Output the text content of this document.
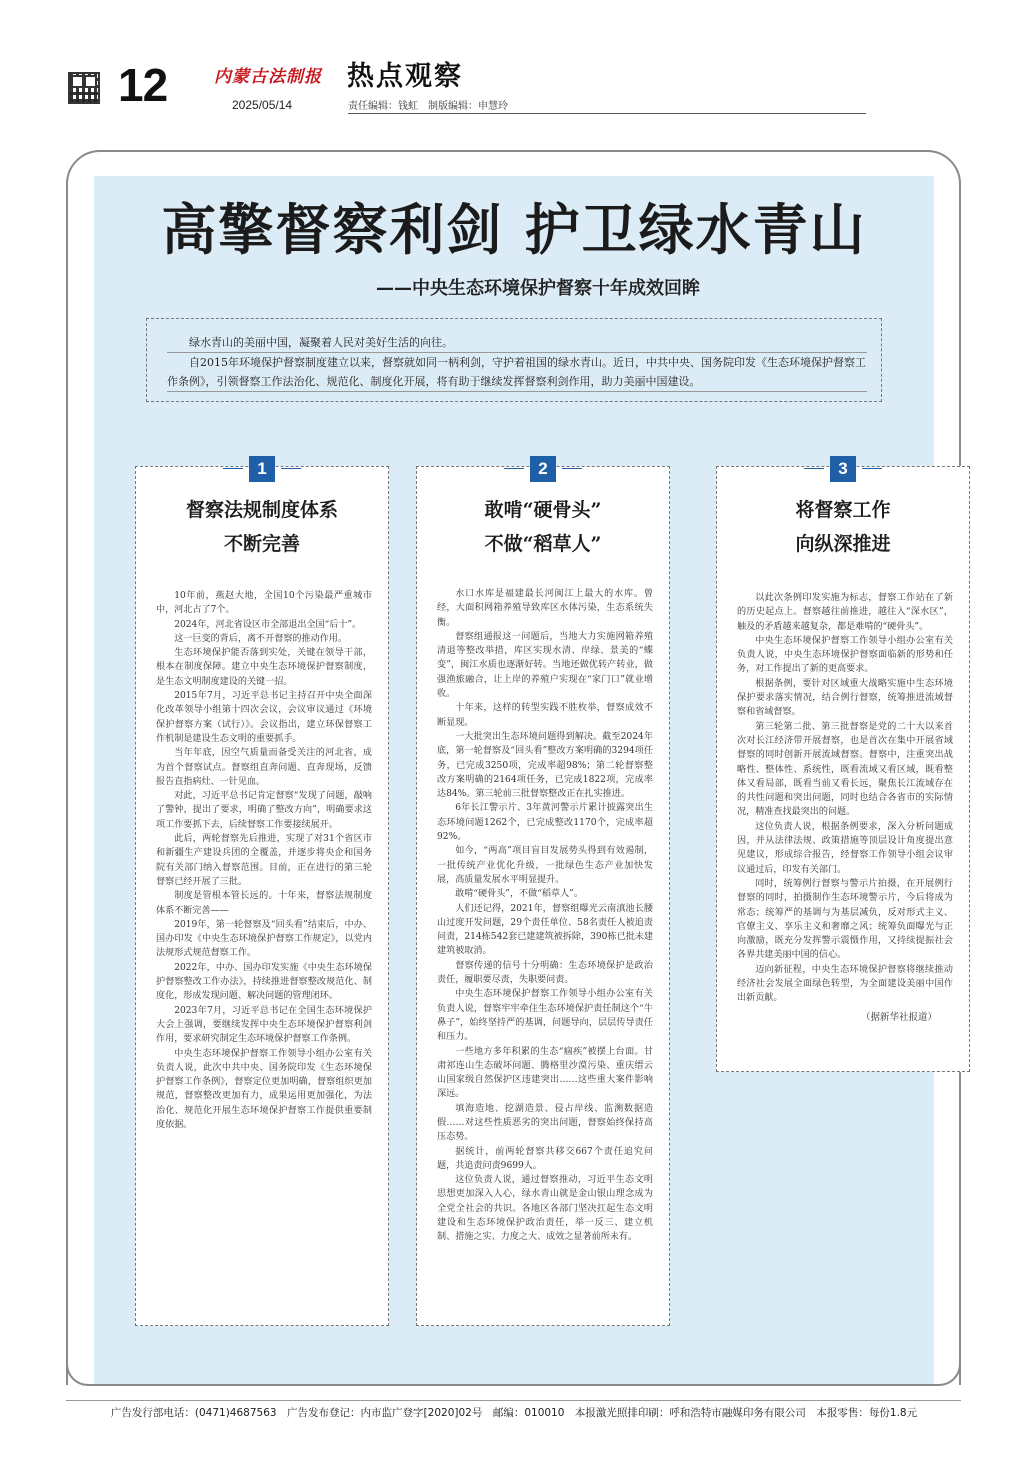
12	内蒙古法制报
2025/05/14
热点观察
责任编辑：钱虹　制版编辑：申慧玲
高擎督察利剑 护卫绿水青山
——中央生态环境保护督察十年成效回眸

绿水青山的美丽中国，凝聚着人民对美好生活的向往。

自2015年环境保护督察制度建立以来，督察就如同一柄利剑，守护着祖国的绿水青山。近日，中共中央、国务院印发《生态环境保护督察工作条例》，引领督察工作法治化、规范化、制度化开展，将有助于继续发挥督察利剑作用，助力美丽中国建设。

1
督察法规制度体系
不断完善

10年前，燕赵大地，全国10个污染最严重城市中，河北占了7个。

2024年，河北省设区市全部退出全国“后十”。

这一巨变的背后，离不开督察的推动作用。

生态环境保护能否落到实处，关键在领导干部，根本在制度保障。建立中央生态环境保护督察制度，是生态文明制度建设的关键一招。

2015年7月，习近平总书记主持召开中央全面深化改革领导小组第十四次会议，会议审议通过《环境保护督察方案（试行）》。会议指出，建立环保督察工作机制是建设生态文明的重要抓手。

当年年底，因空气质量而备受关注的河北省，成为首个督察试点。督察组直奔问题、直奔现场，反馈报告直指病灶、一针见血。

对此，习近平总书记肯定督察“发现了问题，敲响了警钟，提出了要求，明确了整改方向”，明确要求这项工作要抓下去，后续督察工作要接续展开。

此后，两轮督察先后推进，实现了对31个省区市和新疆生产建设兵团的全覆盖，并逐步将央企和国务院有关部门纳入督察范围。目前，正在进行的第三轮督察已经开展了三批。

制度是管根本管长远的。十年来，督察法规制度体系不断完善——

2019年，第一轮督察及“回头看”结束后，中办、国办印发《中央生态环境保护督察工作规定》，以党内法规形式规范督察工作。

2022年，中办、国办印发实施《中央生态环境保护督察整改工作办法》，持续推进督察整改规范化、制度化，形成发现问题、解决问题的管理闭环。

2023年7月，习近平总书记在全国生态环境保护大会上强调，要继续发挥中央生态环境保护督察利剑作用，要求研究制定生态环境保护督察工作条例。

中央生态环境保护督察工作领导小组办公室有关负责人说，此次中共中央、国务院印发《生态环境保护督察工作条例》，督察定位更加明确，督察组织更加规范，督察整改更加有力，成果运用更加强化，为法治化、规范化开展生态环境保护督察工作提供重要制度依据。

2
敢啃“硬骨头”
不做“稻草人”

水口水库是福建最长河闽江上最大的水库。曾经，大面积网箱养殖导致库区水体污染，生态系统失衡。

督察组通报这一问题后，当地大力实施网箱养殖清退等整改举措，库区实现水清、岸绿、景美的“蝶变”，闽江水质也逐渐好转。当地还做优转产转业，做强渔旅融合，让上岸的养殖户实现在“家门口”就业增收。

十年来，这样的转型实践不胜枚举，督察成效不断显现。

一大批突出生态环境问题得到解决。截至2024年底，第一轮督察及“回头看”整改方案明确的3294项任务，已完成3250项，完成率超98%；第二轮督察整改方案明确的2164项任务，已完成1822项，完成率达84%。第三轮前三批督察整改正在扎实推进。

6年长江警示片、3年黄河警示片累计披露突出生态环境问题1262个，已完成整改1170个，完成率超92%。

如今，“两高”项目盲目发展势头得到有效遏制，一批传统产业优化升级，一批绿色生态产业加快发展，高质量发展水平明显提升。

敢啃“硬骨头”，不做“稻草人”。

人们还记得，2021年，督察组曝光云南滇池长腰山过度开发问题，29个责任单位、58名责任人被追责问责，214栋542套已建建筑被拆除，390栋已批未建建筑被取消。

督察传递的信号十分明确：生态环境保护是政治责任，履职要尽责，失职要问责。

中央生态环境保护督察工作领导小组办公室有关负责人说，督察牢牢牵住生态环境保护责任制这个“牛鼻子”，始终坚持严的基调，问题导向，层层传导责任和压力。

一些地方多年积累的生态“痼疾”被摆上台面。甘肃祁连山生态破坏问题、腾格里沙漠污染、重庆缙云山国家级自然保护区违建突出……这些重大案件影响深远。

填海造地、挖湖造景、侵占岸线、监测数据造假……对这些性质恶劣的突出问题，督察始终保持高压态势。

据统计，前两轮督察共移交667个责任追究问题，共追责问责9699人。

这位负责人说，通过督察推动，习近平生态文明思想更加深入人心，绿水青山就是金山银山理念成为全党全社会的共识。各地区各部门坚决扛起生态文明建设和生态环境保护政治责任，举一反三、建立机制、措施之实、力度之大、成效之显著前所未有。

3
将督察工作
向纵深推进

以此次条例印发实施为标志，督察工作站在了新的历史起点上。督察越往前推进，越往入“深水区”，触及的矛盾越来越复杂，都是难啃的“硬骨头”。

中央生态环境保护督察工作领导小组办公室有关负责人说，中央生态环境保护督察面临新的形势和任务，对工作提出了新的更高要求。

根据条例，要针对区域重大战略实施中生态环境保护要求落实情况，结合例行督察，统筹推进流域督察和省域督察。

第三轮第二批、第三批督察是党的二十大以来首次对长江经济带开展督察，也是首次在集中开展省域督察的同时创新开展流域督察。督察中，注重突出战略性、整体性、系统性，既看流域又看区域，既看整体又看局部，既看当前又看长远，聚焦长江流域存在的共性问题和突出问题，同时也结合各省市的实际情况，精准查找最突出的问题。

这位负责人说，根据条例要求，深入分析问题成因，并从法律法规、政策措施等顶层设计角度提出意见建议，形成综合报告，经督察工作领导小组会议审议通过后，印发有关部门。

同时，统筹例行督察与警示片拍摄，在开展例行督察的同时，拍摄制作生态环境警示片，今后将成为常态；统筹严的基调与为基层减负，反对形式主义、官僚主义、享乐主义和奢靡之风；统筹负面曝光与正向激励，既充分发挥警示震慑作用，又持续提振社会各界共建美丽中国的信心。

迈向新征程，中央生态环境保护督察将继续推动经济社会发展全面绿色转型，为全面建设美丽中国作出新贡献。

（据新华社报道）
广告发行部电话：(0471)4687563　广告发布登记：内市监广登字[2020]02号　邮编：010010　本报激光照排印刷：呼和浩特市融媒印务有限公司　本报零售：每份1.8元
